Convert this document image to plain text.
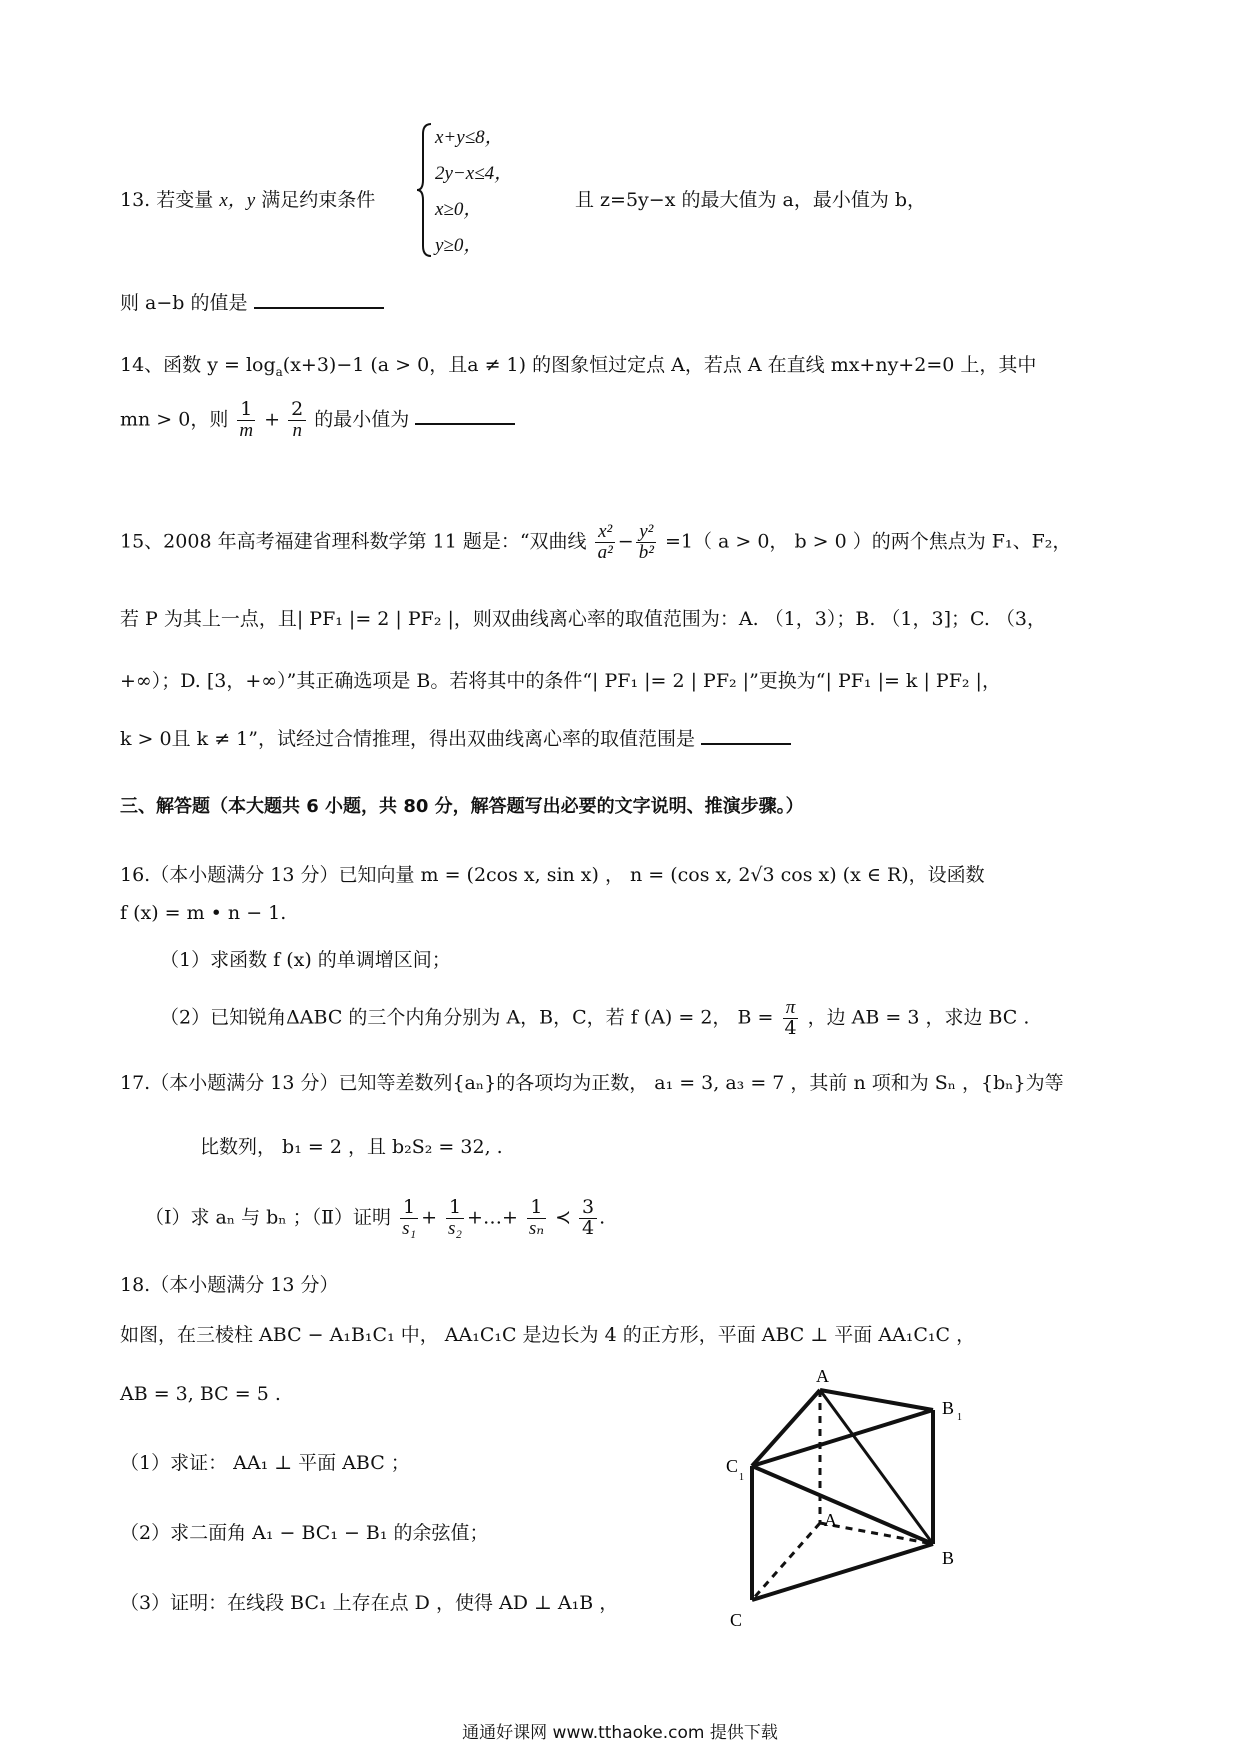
13. 若变量 x，y 满足约束条件
x+y≤8，
2y−x≤4，
x≥0，
y≥0，
且 z=5y−x 的最大值为 a，最小值为 b，
则 a−b 的值是
14、函数 $y = \log_a(x+3)-1$ (a > 0，且a ≠ 1) 的图象恒过定点 A，若点 A 在直线 mx+ny+2=0 上，其中
mn > 0，则 $\frac{1}{m} + \frac{2}{n}$ 的最小值为
15、2008 年高考福建省理科数学第 11 题是：“双曲线 $\frac{\text{x²}}{\text{a²}} - \frac{\text{y²}}{\text{b²}} =1$（ a > 0， b > 0 ）的两个焦点为 F₁、F₂，
若 P 为其上一点，且| PF₁ |= 2 | PF₂ |，则双曲线离心率的取值范围为：A. （1，3）；B. （1，3]；C. （3，
+∞）；D. [3，+∞）”其正确选项是 B。若将其中的条件“| PF₁ |= 2 | PF₂ |”更换为“| PF₁ |= k | PF₂ |，
k > 0且 k ≠ 1”，试经过合情推理，得出双曲线离心率的取值范围是
三、解答题（本大题共 6 小题，共 80 分，解答题写出必要的文字说明、推演步骤。）
16.（本小题满分 13 分）已知向量 m = (2cos x, sin x) ， n = (cos x, 2√3 cos x) (x ∈ R)，设函数
f (x) = m • n − 1.
（1）求函数 f (x) 的单调增区间；
（2）已知锐角ΔABC 的三个内角分别为 A，B，C，若 f (A) = 2， $B = \frac{\pi}{4}$ ，边 AB = 3 ，求边 BC .
17.（本小题满分 13 分）已知等差数列{aₙ}的各项均为正数， a₁ = 3, a₃ = 7 ，其前 n 项和为 Sₙ ，{bₙ}为等
比数列， b₁ = 2 ，且 b₂S₂ = 32, .
（Ⅰ）求 aₙ 与 bₙ ；（Ⅱ）证明 $\frac{1}{\text{s₁}} + \frac{1}{\text{s₂}}$ +…+ $\frac{1}{\text{sₙ}}$ ≺ $\frac{3}{4}$ .
18.（本小题满分 13 分）
如图，在三棱柱 ABC − A₁B₁C₁ 中， AA₁C₁C 是边长为 4 的正方形，平面 ABC ⊥ 平面 AA₁C₁C ，
AB = 3, BC = 5 .
（1）求证： AA₁ ⊥ 平面 ABC ；
（2）求二面角 A₁ − BC₁ − B₁ 的余弦值；
（3）证明：在线段 BC₁ 上存在点 D ，使得 AD ⊥ A₁B ，
A
B 1
C
1
A
B
C
通通好课网 www.tthaoke.com 提供下载
